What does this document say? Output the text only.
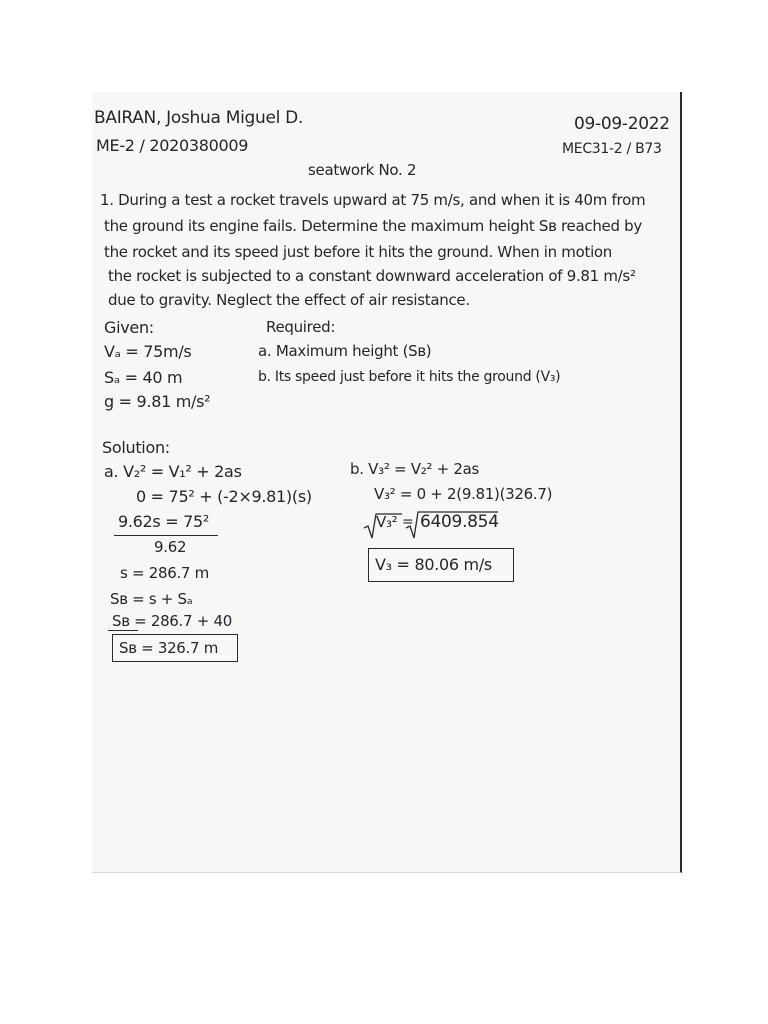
BAIRAN, Joshua Miguel D.
ME-2 / 2020380009
09-09-2022
MEC31-2 / B73
seatwork No. 2
1. During a test a rocket travels upward at 75 m/s, and when it is 40m from
the ground its engine fails. Determine the maximum height Sʙ reached by
the rocket and its speed just before it hits the ground. When in motion
the rocket is subjected to a constant downward acceleration of 9.81 m/s²
due to gravity. Neglect the effect of air resistance.
Given:
Vₐ = 75m/s
Sₐ = 40 m
g = 9.81 m/s²
Required:
a. Maximum height (Sʙ)
b. Its speed just before it hits the ground (V₃)
Solution:
a. V₂² = V₁² + 2as
0 = 75² + (-2×9.81)(s)
9.62s = 75²
9.62
s = 286.7 m
Sʙ = s + Sₐ
Sʙ = 286.7 + 40
Sʙ = 326.7 m
b. V₃² = V₂² + 2as
V₃² = 0 + 2(9.81)(326.7)
V₃² = 6409.854
V₃ = 80.06 m/s
